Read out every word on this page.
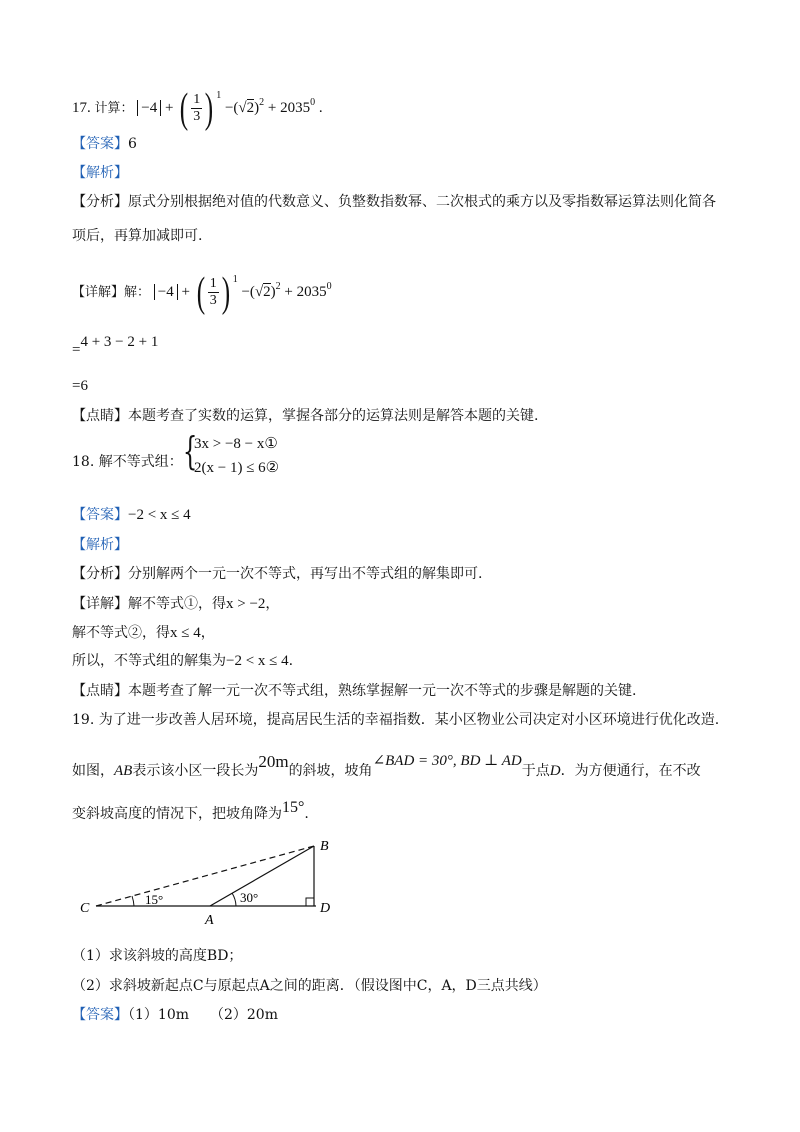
17. 计算： −4 + ( $\frac{1}{3}$ ) $^1 -(√2)^2 + 2035^0$ .
【答案】6
【解析】
【分析】原式分别根据绝对值的代数意义、负整数指数幂、二次根式的乘方以及零指数幂运算法则化简各
项后，再算加减即可.
【详解】解： −4 + ( $\frac{1}{3}$ ) $^1 -(√2)^2 + 2035^0$
=4 + 3 − 2 + 1
=6
【点睛】本题考查了实数的运算，掌握各部分的运算法则是解答本题的关键.
18. 解不等式组： {
3x > −8 − x①
2(x − 1) ≤ 6②
【答案】−2 < x ≤ 4
【解析】
【分析】分别解两个一元一次不等式，再写出不等式组的解集即可.
【详解】解不等式①，得x > −2，
解不等式②，得x ≤ 4，
所以，不等式组的解集为−2 < x ≤ 4.
【点睛】本题考查了解一元一次不等式组，熟练掌握解一元一次不等式的步骤是解题的关键.
19. 为了进一步改善人居环境，提高居民生活的幸福指数．某小区物业公司决定对小区环境进行优化改造.
如图，AB表示该小区一段长为20m的斜坡，坡角∠BAD = 30°, BD ⊥ AD于点D．为方便通行，在不改
变斜坡高度的情况下，把坡角降为15°.
B
C
A
D
15°	30°
（1）求该斜坡的高度BD；
（2）求斜坡新起点C与原起点A之间的距离．（假设图中C，A，D三点共线）
【答案】（1）10m　　（2）20m
